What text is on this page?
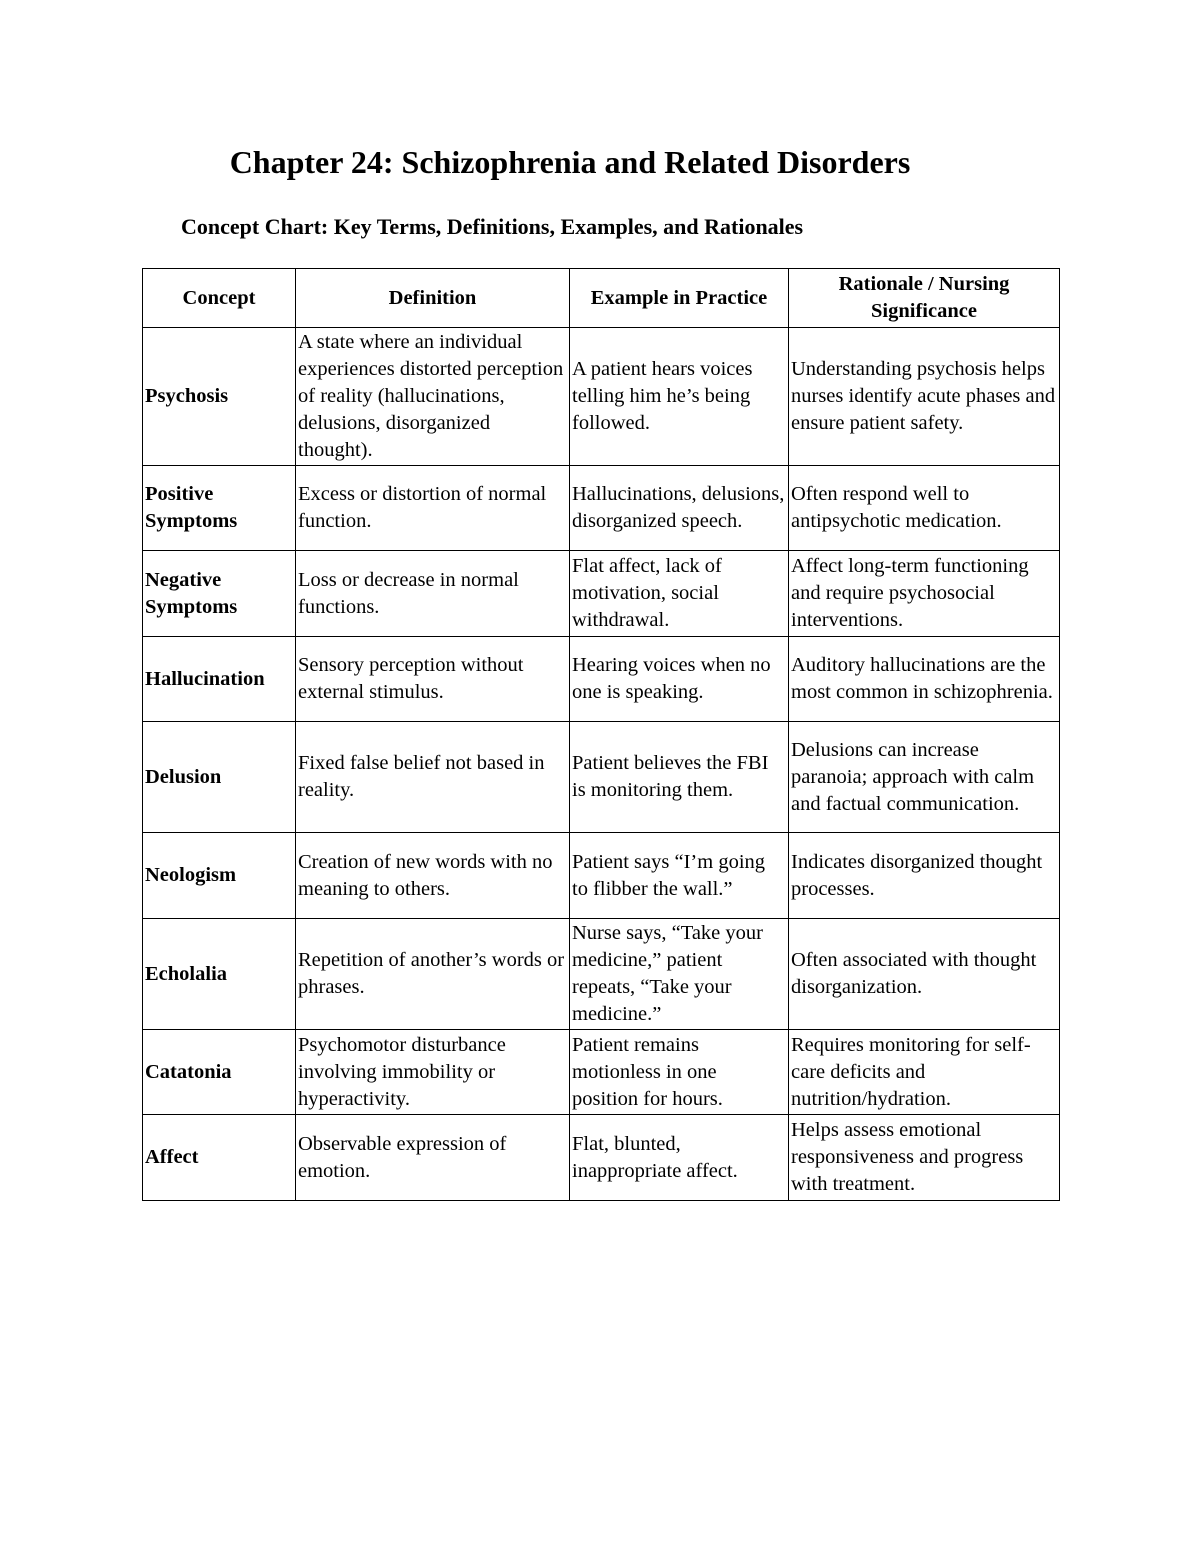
Chapter 24: Schizophrenia and Related Disorders
Concept Chart: Key Terms, Definitions, Examples, and Rationales
Concept	Definition	Example in Practice	Rationale / Nursing Significance
Psychosis	A state where an individual experiences distorted perception of reality (hallucinations, delusions, disorganized thought).	A patient hears voices telling him he’s being followed.	Understanding psychosis helps nurses identify acute phases and ensure patient safety.
Positive Symptoms	Excess or distortion of normal function.	Hallucinations, delusions, disorganized speech.	Often respond well to antipsychotic medication.
Negative Symptoms	Loss or decrease in normal functions.	Flat affect, lack of motivation, social withdrawal.	Affect long-term functioning and require psychosocial interventions.
Hallucination	Sensory perception without external stimulus.	Hearing voices when no one is speaking.	Auditory hallucinations are the most common in schizophrenia.
Delusion	Fixed false belief not based in reality.	Patient believes the FBI is monitoring them.	Delusions can increase paranoia; approach with calm and factual communication.
Neologism	Creation of new words with no meaning to others.	Patient says “I’m going to flibber the wall.”	Indicates disorganized thought processes.
Echolalia	Repetition of another’s words or phrases.	Nurse says, “Take your medicine,” patient repeats, “Take your medicine.”	Often associated with thought disorganization.
Catatonia	Psychomotor disturbance involving immobility or hyperactivity.	Patient remains motionless in one position for hours.	Requires monitoring for self-care deficits and nutrition/hydration.
Affect	Observable expression of emotion.	Flat, blunted, inappropriate affect.	Helps assess emotional responsiveness and progress with treatment.
